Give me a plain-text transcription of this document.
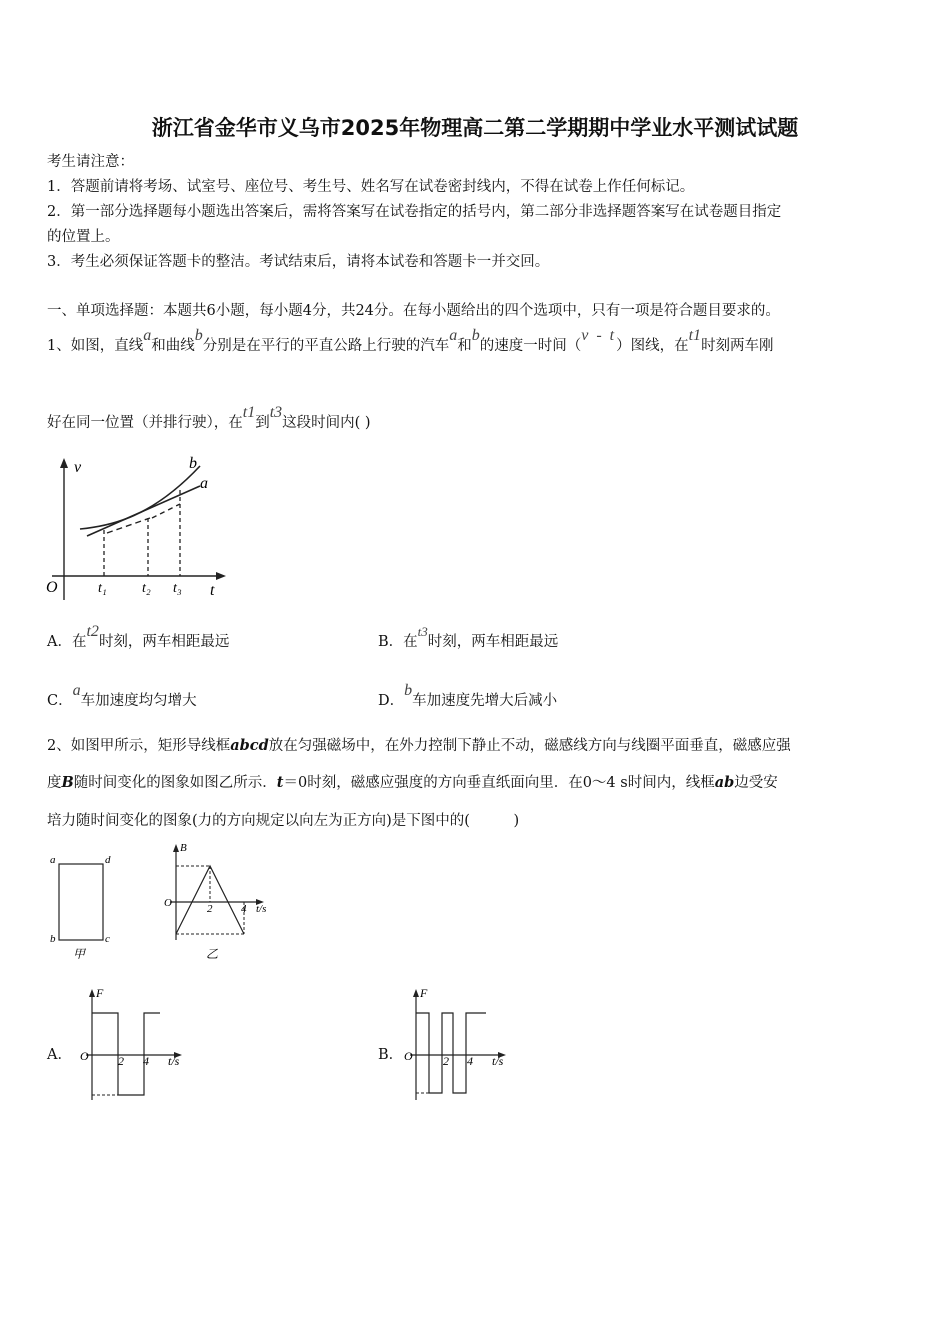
浙江省金华市义乌市2025年物理高二第二学期期中学业水平测试试题
考生请注意：
1．答题前请将考场、试室号、座位号、考生号、姓名写在试卷密封线内，不得在试卷上作任何标记。
2．第一部分选择题每小题选出答案后，需将答案写在试卷指定的括号内，第二部分非选择题答案写在试卷题目指定
的位置上。
3．考生必须保证答题卡的整洁。考试结束后，请将本试卷和答题卡一并交回。
一、单项选择题：本题共6小题，每小题4分，共24分。在每小题给出的四个选项中，只有一项是符合题目要求的。
1、如图，直线a和曲线b分别是在平行的平直公路上行驶的汽车a和b的速度一时间（v - t）图线，在t1时刻两车刚
好在同一位置（并排行驶），在t1到t3这段时间内( )
v	b
a
O	t
t₁	t₂ t₃
A．在t2时刻，两车相距最远	B．在t3时刻，两车相距最远
C．a车加速度均匀增大	D．b车加速度先增大后减小
2、如图甲所示，矩形导线框abcd放在匀强磁场中，在外力控制下静止不动，磁感线方向与线圈平面垂直，磁感应强
度B随时间变化的图象如图乙所示．t＝0时刻，磁感应强度的方向垂直纸面向里．在0～4 s时间内，线框ab边受安
培力随时间变化的图象(力的方向规定以向左为正方向)是下图中的(　　　)
a	d
b	c
甲
B
O	2	4 t/s
乙
A．
F
O 2 4 t/s	B．
F
O	2 4 t/s
